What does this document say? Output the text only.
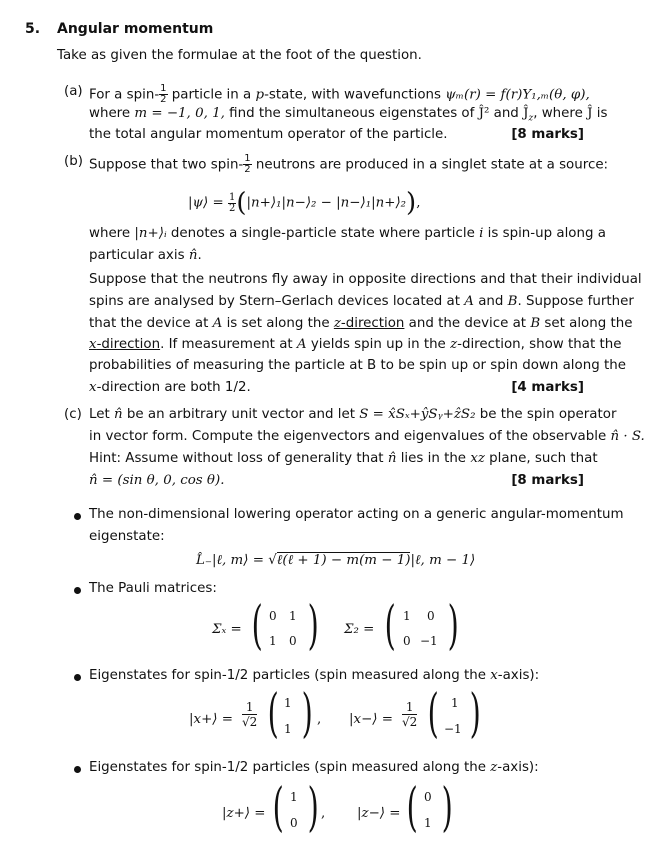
5. Angular momentum
Take as given the formulae at the foot of the question.
(a) For a spin- $\frac{1}{2}$ particle in a p-state, with wavefunctions ψₘ(r) = f(r)Y₁,ₘ(θ, φ),
where m = −1, 0, 1, find the simultaneous eigenstates of Ĵ² and $Ĵ_z$, where Ĵ is
the total angular momentum operator of the particle.	[8 marks]
(b) Suppose that two spin- $\frac{1}{2}$ neutrons are produced in a singlet state at a source:
|ψ⟩ = $\frac{1}{2}$ (|n+⟩₁|n−⟩₂ − |n−⟩₁|n+⟩₂),
where |n+⟩ᵢ denotes a single-particle state where particle i is spin-up along a
particular axis n̂.
Suppose that the neutrons fly away in opposite directions and that their individual
spins are analysed by Stern–Gerlach devices located at A and B. Suppose further
that the device at A is set along the z-direction and the device at B set along the
x-direction. If measurement at A yields spin up in the z-direction, show that the
probabilities of measuring the particle at B to be spin up or spin down along the
x-direction are both 1/2.	[4 marks]
(c) Let n̂ be an arbitrary unit vector and let S = x̂Sₓ+ŷSᵧ+ẑS₂ be the spin operator
in vector form. Compute the eigenvectors and eigenvalues of the observable n̂ · S.
Hint: Assume without loss of generality that n̂ lies in the xz plane, such that
n̂ = (sin θ, 0, cos θ).	[8 marks]
The non-dimensional lowering operator acting on a generic angular-momentum
eigenstate:
L̂₋|ℓ, m⟩ = √ℓ(ℓ + 1) − m(m − 1)|ℓ, m − 1⟩
The Pauli matrices:
Σₓ = ( 0 1
1 0 ) Σ₂ = ( 1 0
0 −1 )
Eigenstates for spin-1/2 particles (spin measured along the x-axis):
|x+⟩ =
1
√2 ( 1
1 ) , |x−⟩ =
1
√2 ( 1
−1 )
Eigenstates for spin-1/2 particles (spin measured along the z-axis):
|z+⟩ = ( 1
0 ) , |z−⟩ = ( 0
1 )
